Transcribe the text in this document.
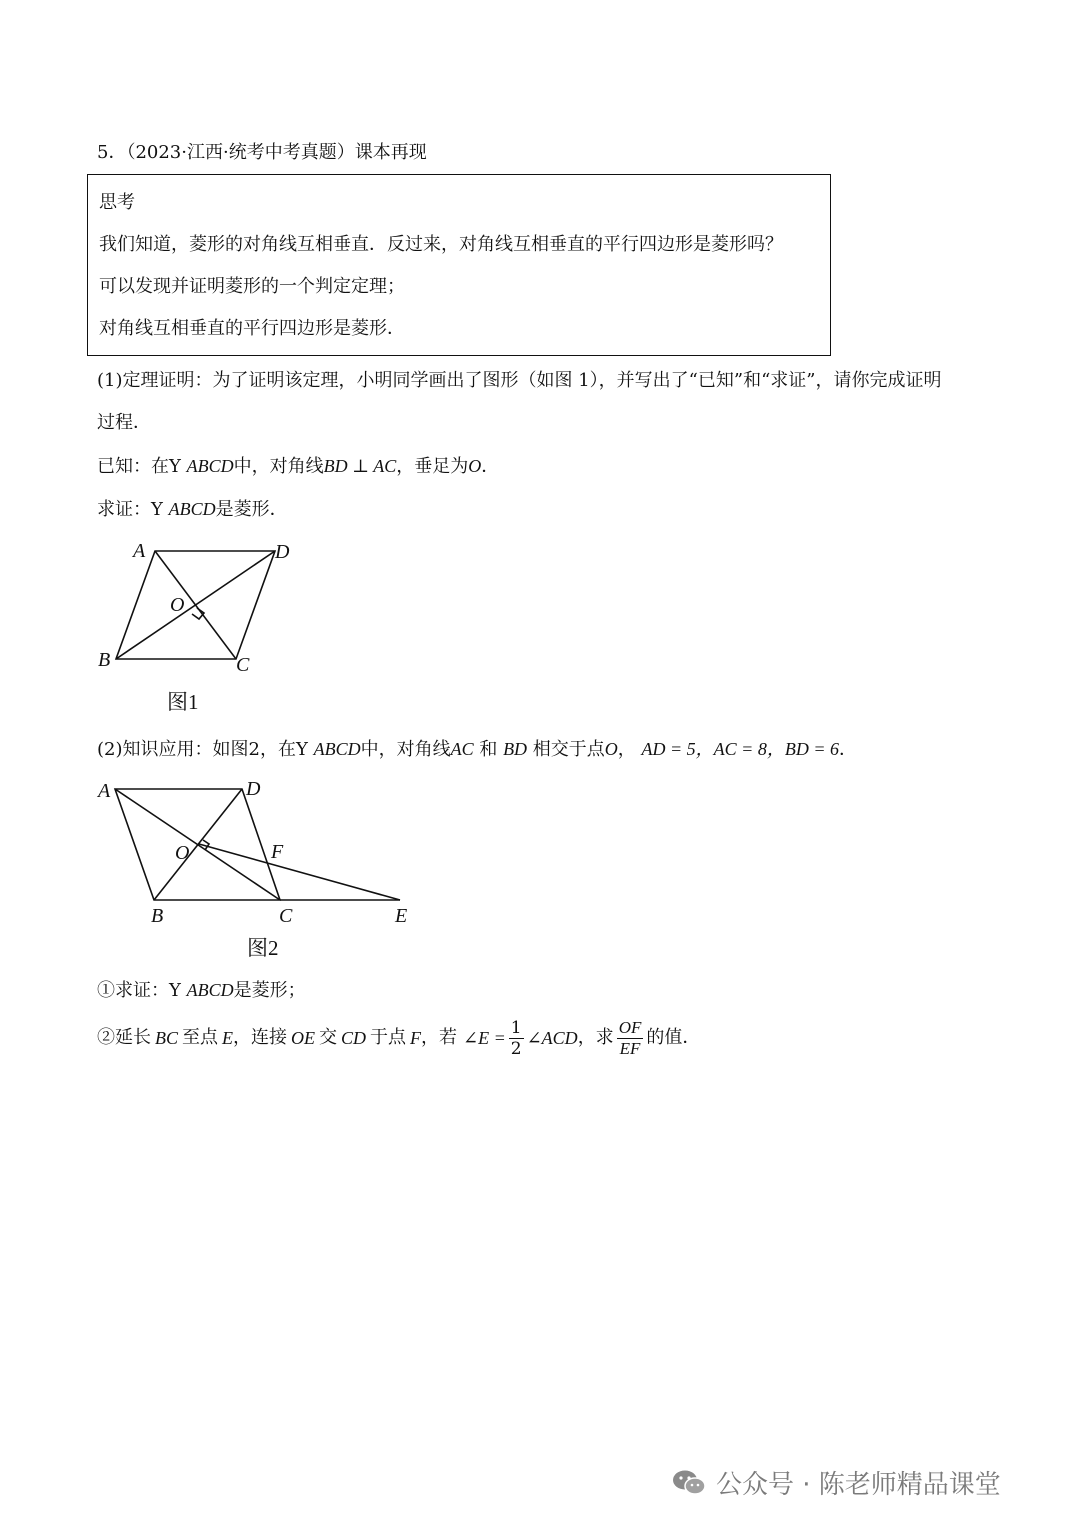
5．（2023·江西·统考中考真题）课本再现
思考
我们知道，菱形的对角线互相垂直．反过来，对角线互相垂直的平行四边形是菱形吗？
可以发现并证明菱形的一个判定定理；
对角线互相垂直的平行四边形是菱形．
(1)定理证明：为了证明该定理，小明同学画出了图形（如图 1），并写出了“已知”和“求证”，请你完成证明
过程．
已知：在Y ABCD中，对角线BD ⊥ AC，垂足为O．
求证：Y ABCD是菱形．
A	D
O
B	C
图1
(2)知识应用：如图2，在Y ABCD中，对角线AC 和 BD 相交于点O， AD = 5，AC = 8，BD = 6．
A	D
O	F
B	C	E
图2
①求证：Y ABCD是菱形；
②延长 BC 至点 E ，连接 OE 交 CD 于点 F ，若 ∠E = $\frac{1}{2}$ ∠ACD ，求 $\frac{OF}{EF}$ 的值．
公众号 · 陈老师精品课堂
